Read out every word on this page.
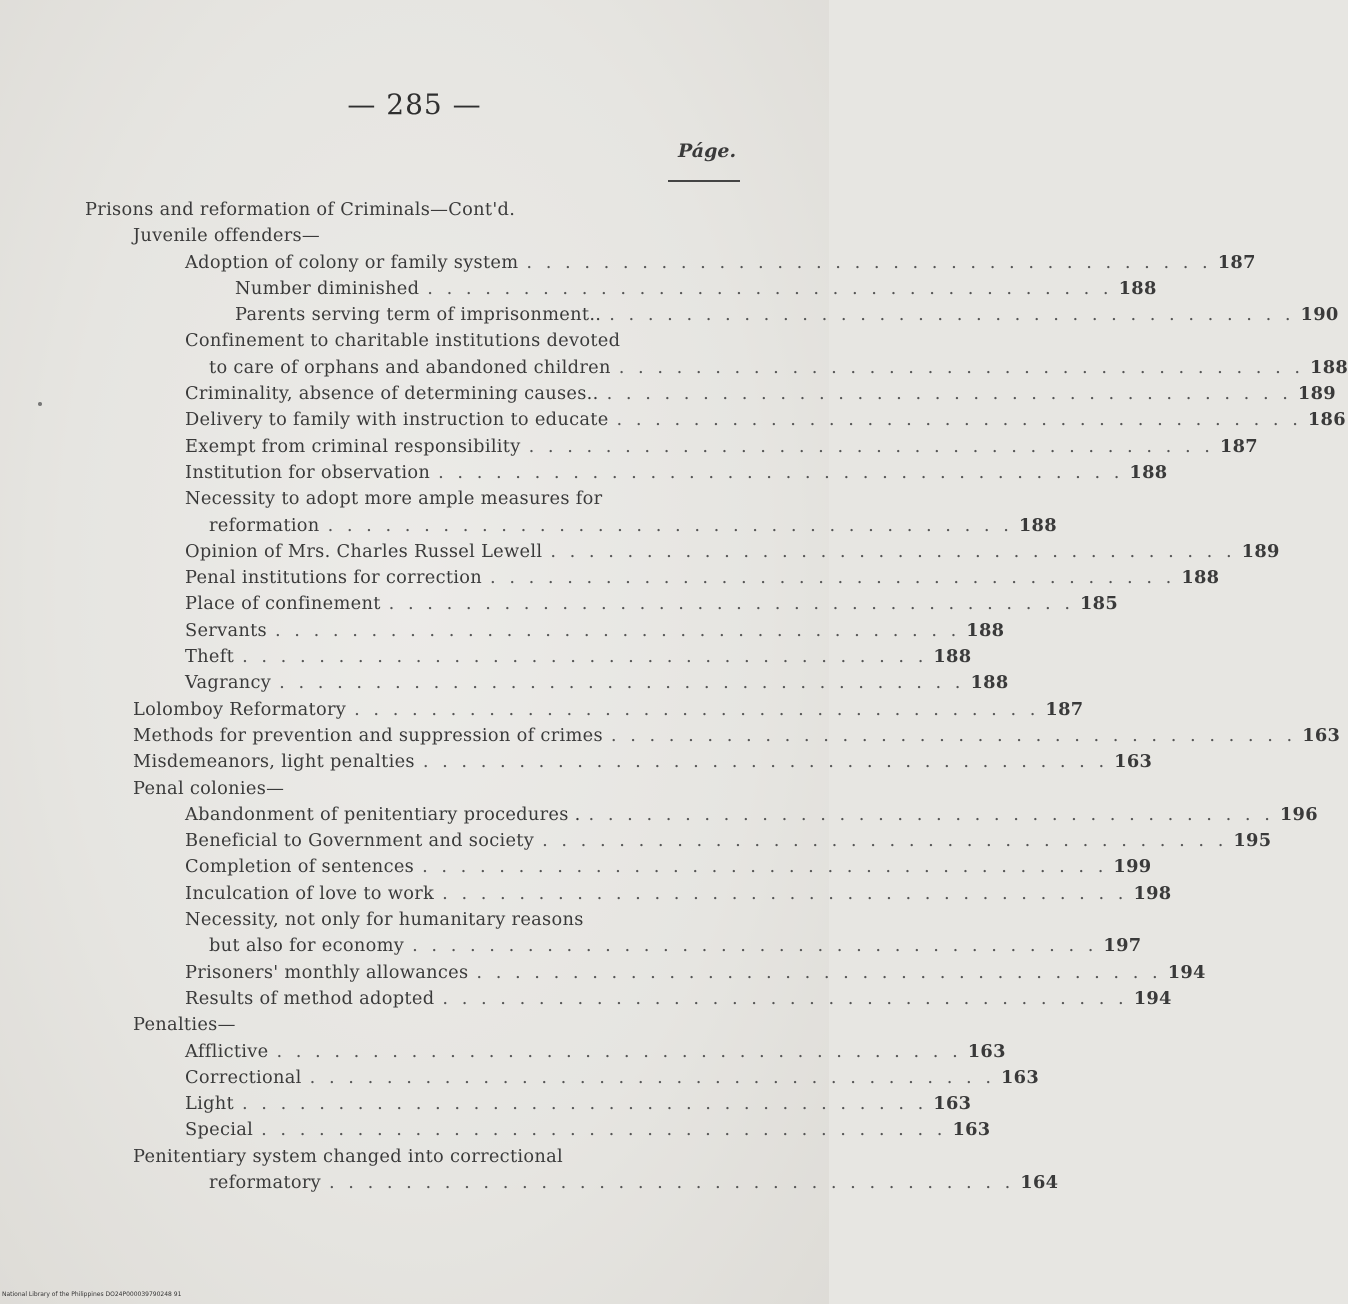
— 285 —
Páge.
Prisons and reformation of Criminals—Cont'd.
Juvenile offenders—
Adoption of colony or family system . . . . . . . . . . . . . . . . . . . . . . . . . . . . . . . . . . . . 187
Number diminished . . . . . . . . . . . . . . . . . . . . . . . . . . . . . . . . . . . . 188
Parents serving term of imprisonment.. . . . . . . . . . . . . . . . . . . . . . . . . . . . . . . . . . . . . 190
Confinement to charitable institutions devoted
to care of orphans and abandoned children . . . . . . . . . . . . . . . . . . . . . . . . . . . . . . . . . . . . 188
Criminality, absence of determining causes.. . . . . . . . . . . . . . . . . . . . . . . . . . . . . . . . . . . . . 189
Delivery to family with instruction to educate . . . . . . . . . . . . . . . . . . . . . . . . . . . . . . . . . . . . 186
Exempt from criminal responsibility . . . . . . . . . . . . . . . . . . . . . . . . . . . . . . . . . . . . 187
Institution for observation . . . . . . . . . . . . . . . . . . . . . . . . . . . . . . . . . . . . 188
Necessity to adopt more ample measures for
reformation . . . . . . . . . . . . . . . . . . . . . . . . . . . . . . . . . . . . 188
Opinion of Mrs. Charles Russel Lewell . . . . . . . . . . . . . . . . . . . . . . . . . . . . . . . . . . . . 189
Penal institutions for correction . . . . . . . . . . . . . . . . . . . . . . . . . . . . . . . . . . . . 188
Place of confinement . . . . . . . . . . . . . . . . . . . . . . . . . . . . . . . . . . . . 185
Servants . . . . . . . . . . . . . . . . . . . . . . . . . . . . . . . . . . . . 188
Theft . . . . . . . . . . . . . . . . . . . . . . . . . . . . . . . . . . . . 188
Vagrancy . . . . . . . . . . . . . . . . . . . . . . . . . . . . . . . . . . . . 188
Lolomboy Reformatory . . . . . . . . . . . . . . . . . . . . . . . . . . . . . . . . . . . . 187
Methods for prevention and suppression of crimes . . . . . . . . . . . . . . . . . . . . . . . . . . . . . . . . . . . . 163
Misdemeanors, light penalties . . . . . . . . . . . . . . . . . . . . . . . . . . . . . . . . . . . . 163
Penal colonies—
Abandonment of penitentiary procedures . . . . . . . . . . . . . . . . . . . . . . . . . . . . . . . . . . . . . 196
Beneficial to Government and society . . . . . . . . . . . . . . . . . . . . . . . . . . . . . . . . . . . . 195
Completion of sentences . . . . . . . . . . . . . . . . . . . . . . . . . . . . . . . . . . . . 199
Inculcation of love to work . . . . . . . . . . . . . . . . . . . . . . . . . . . . . . . . . . . . 198
Necessity, not only for humanitary reasons
but also for economy . . . . . . . . . . . . . . . . . . . . . . . . . . . . . . . . . . . . 197
Prisoners' monthly allowances . . . . . . . . . . . . . . . . . . . . . . . . . . . . . . . . . . . . 194
Results of method adopted . . . . . . . . . . . . . . . . . . . . . . . . . . . . . . . . . . . . 194
Penalties—
Afflictive . . . . . . . . . . . . . . . . . . . . . . . . . . . . . . . . . . . . 163
Correctional . . . . . . . . . . . . . . . . . . . . . . . . . . . . . . . . . . . . 163
Light . . . . . . . . . . . . . . . . . . . . . . . . . . . . . . . . . . . . 163
Special . . . . . . . . . . . . . . . . . . . . . . . . . . . . . . . . . . . . 163
Penitentiary system changed into correctional
reformatory . . . . . . . . . . . . . . . . . . . . . . . . . . . . . . . . . . . . 164
National Library of the Philippines DO24P000039790248 91
